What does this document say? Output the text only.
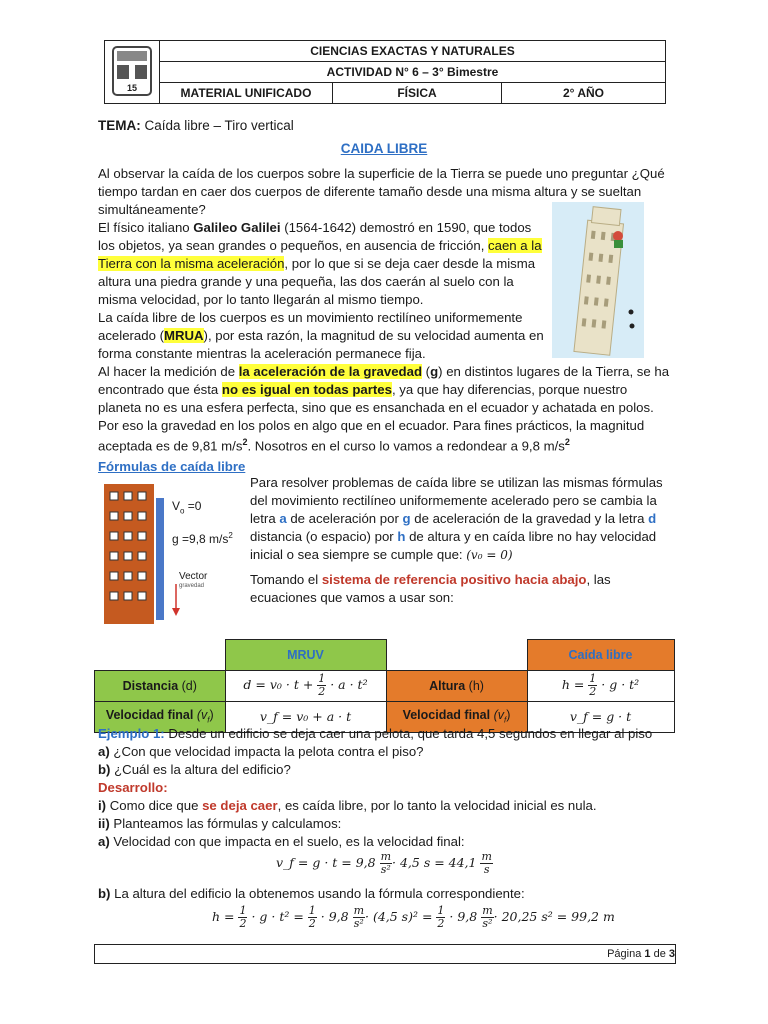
15	CIENCIAS EXACTAS Y NATURALES		
	ACTIVIDAD N° 6 – 3° Bimestre		
	MATERIAL UNIFICADO	FÍSICA	2° AÑO
TEMA: Caída libre – Tiro vertical
CAIDA LIBRE
Al observar la caída de los cuerpos sobre la superficie de la Tierra se puede uno preguntar ¿Qué
tiempo tardan en caer dos cuerpos de diferente tamaño desde una misma altura y se sueltan
simultáneamente?
El físico italiano Galileo Galilei (1564-1642) demostró en 1590, que todos
los objetos, ya sean grandes o pequeños, en ausencia de fricción, caen a la
Tierra con la misma aceleración, por lo que si se deja caer desde la misma
altura una piedra grande y una pequeña, las dos caerán al suelo con la
misma velocidad, por lo tanto llegarán al mismo tiempo.
La caída libre de los cuerpos es un movimiento rectilíneo uniformemente
acelerado (MRUA), por esta razón, la magnitud de su velocidad aumenta en
forma constante mientras la aceleración permanece fija.
Al hacer la medición de la aceleración de la gravedad (g) en distintos lugares de la Tierra, se ha
encontrado que ésta no es igual en todas partes, ya que hay diferencias, porque nuestro
planeta no es una esfera perfecta, sino que es ensanchada en el ecuador y achatada en polos.
Por eso la gravedad en los polos en algo que en el ecuador. Para fines prácticos, la magnitud
aceptada es de 9,81 $m/s^2$. Nosotros en el curso lo vamos a redondear a 9,8 $m/s^2$
Fórmulas de caída libre
$V_o =0$
g =9,8 $m/s^2$
Vector
gravedad
Para resolver problemas de caída libre se utilizan las mismas fórmulas
del movimiento rectilíneo uniformemente acelerado pero se cambia la
letra a de aceleración por g de aceleración de la gravedad y la letra d
distancia (o espacio) por h de altura y en caída libre no hay velocidad
inicial o sea siempre se cumple que: (v₀ = 0)
Tomando el sistema de referencia positivo hacia abajo, las
ecuaciones que vamos a usar son:
	MRUV		Caída libre
Distancia (d)	$d = v_0 \cdot t + \frac{1}{2} \cdot a \cdot t^2$	Altura (h)	$h = \frac{1}{2} \cdot g \cdot t^2$
Velocidad final $(v_f)$	v_f = v₀ + a · t	Velocidad final $(v_f)$	v_f = g · t
Ejemplo 1: Desde un edificio se deja caer una pelota, que tarda 4,5 segundos en llegar al piso
a) ¿Con que velocidad impacta la pelota contra el piso?
b) ¿Cuál es la altura del edificio?
Desarrollo:
i) Como dice que se deja caer, es caída libre, por lo tanto la velocidad inicial es nula.
ii) Planteamos las fórmulas y calculamos:
a) Velocidad con que impacta en el suelo, es la velocidad final:
v_f = $g \cdot t = 9,8 \frac{m}{\text{s²}} \cdot 4,5$ $s = 44,1 \frac{m}{s}$
b) La altura del edificio la obtenemos usando la fórmula correspondiente:
$h = \frac{1}{2} \cdot g \cdot t^2 = \frac{1}{2} \cdot 9,8 \frac{m}{\text{s²}} \cdot (4,5$ $s)^2 = \frac{1}{2} \cdot 9,8 \frac{m}{\text{s²}} \cdot 20,25$ s² = 99,2 m
Página 1 de 3
